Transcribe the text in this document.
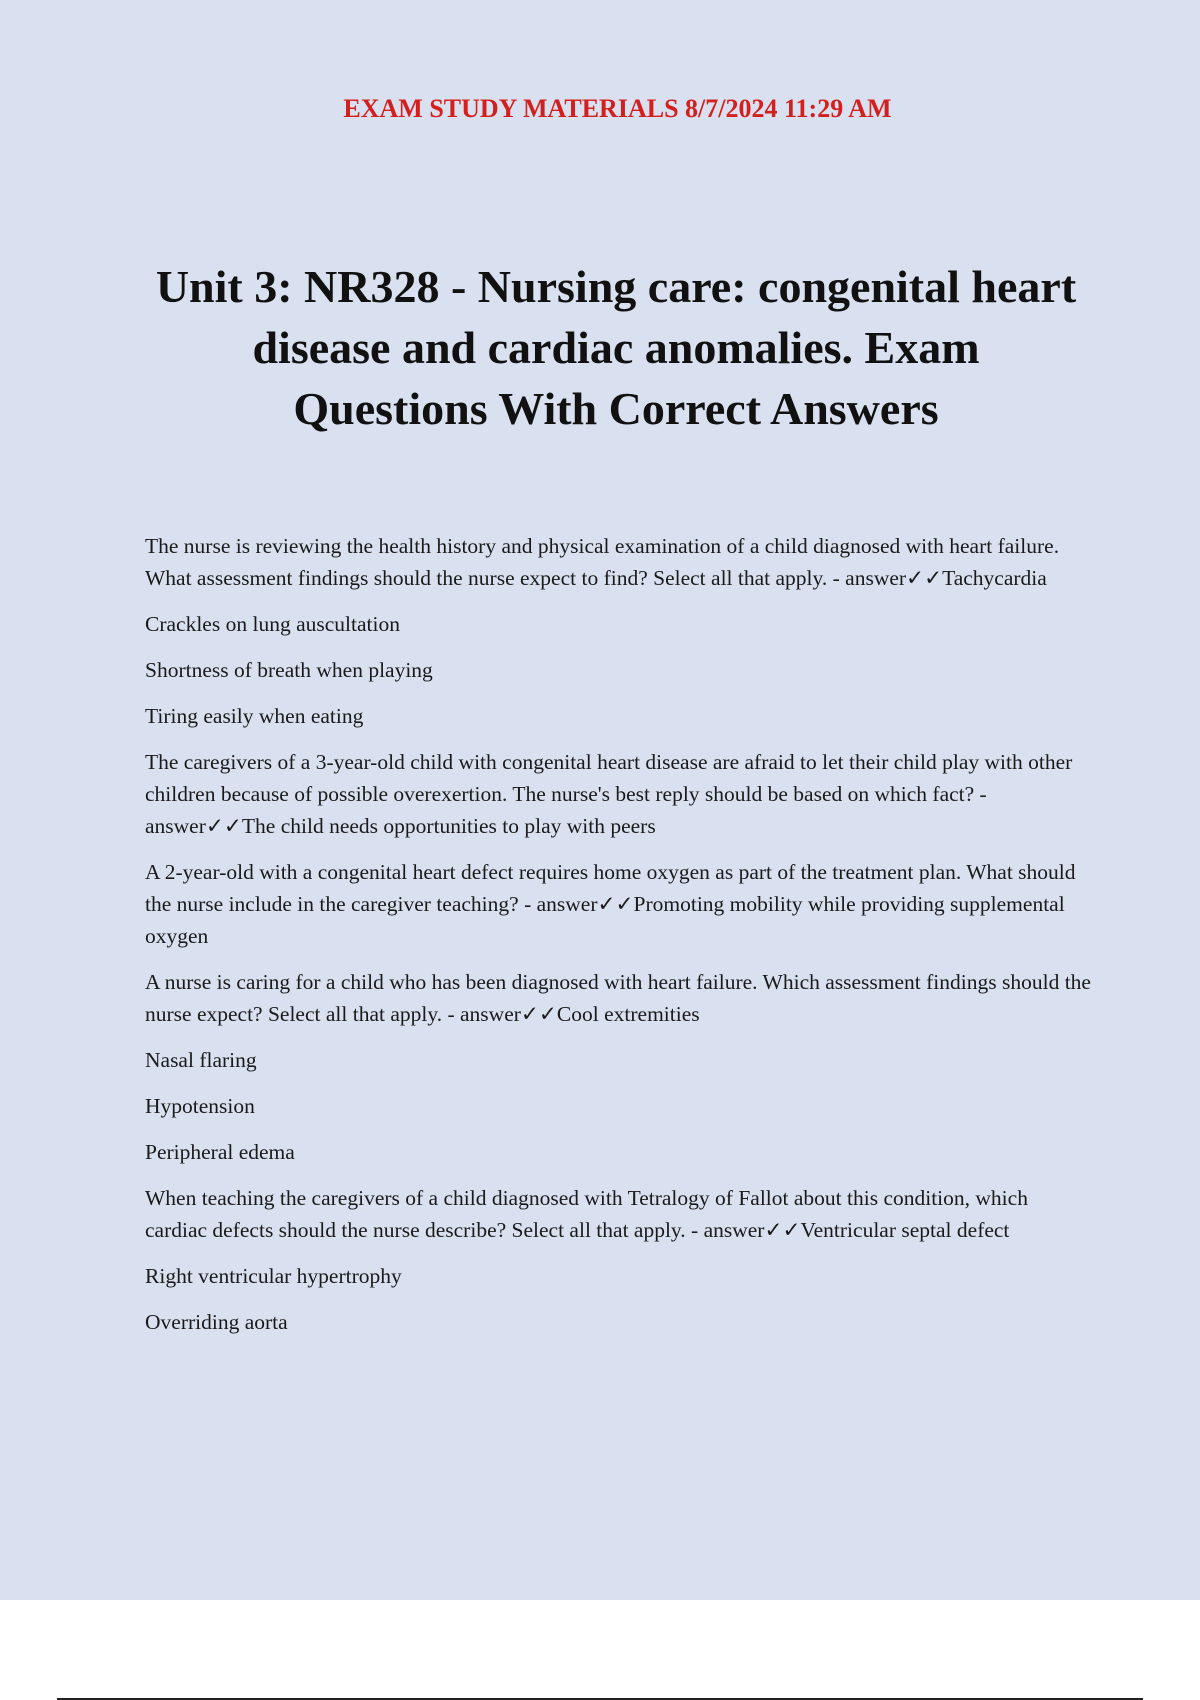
EXAM STUDY MATERIALS 8/7/2024 11:29 AM
Unit 3: NR328 - Nursing care: congenital heart disease and cardiac anomalies. Exam Questions With Correct Answers

The nurse is reviewing the health history and physical examination of a child diagnosed with heart failure. What assessment findings should the nurse expect to find? Select all that apply. - answer✓✓Tachycardia

Crackles on lung auscultation

Shortness of breath when playing

Tiring easily when eating

The caregivers of a 3-year-old child with congenital heart disease are afraid to let their child play with other children because of possible overexertion. The nurse's best reply should be based on which fact? - answer✓✓The child needs opportunities to play with peers

A 2-year-old with a congenital heart defect requires home oxygen as part of the treatment plan. What should the nurse include in the caregiver teaching? - answer✓✓Promoting mobility while providing supplemental oxygen

A nurse is caring for a child who has been diagnosed with heart failure. Which assessment findings should the nurse expect? Select all that apply. - answer✓✓Cool extremities

Nasal flaring

Hypotension

Peripheral edema

When teaching the caregivers of a child diagnosed with Tetralogy of Fallot about this condition, which cardiac defects should the nurse describe? Select all that apply. - answer✓✓Ventricular septal defect

Right ventricular hypertrophy

Overriding aorta
